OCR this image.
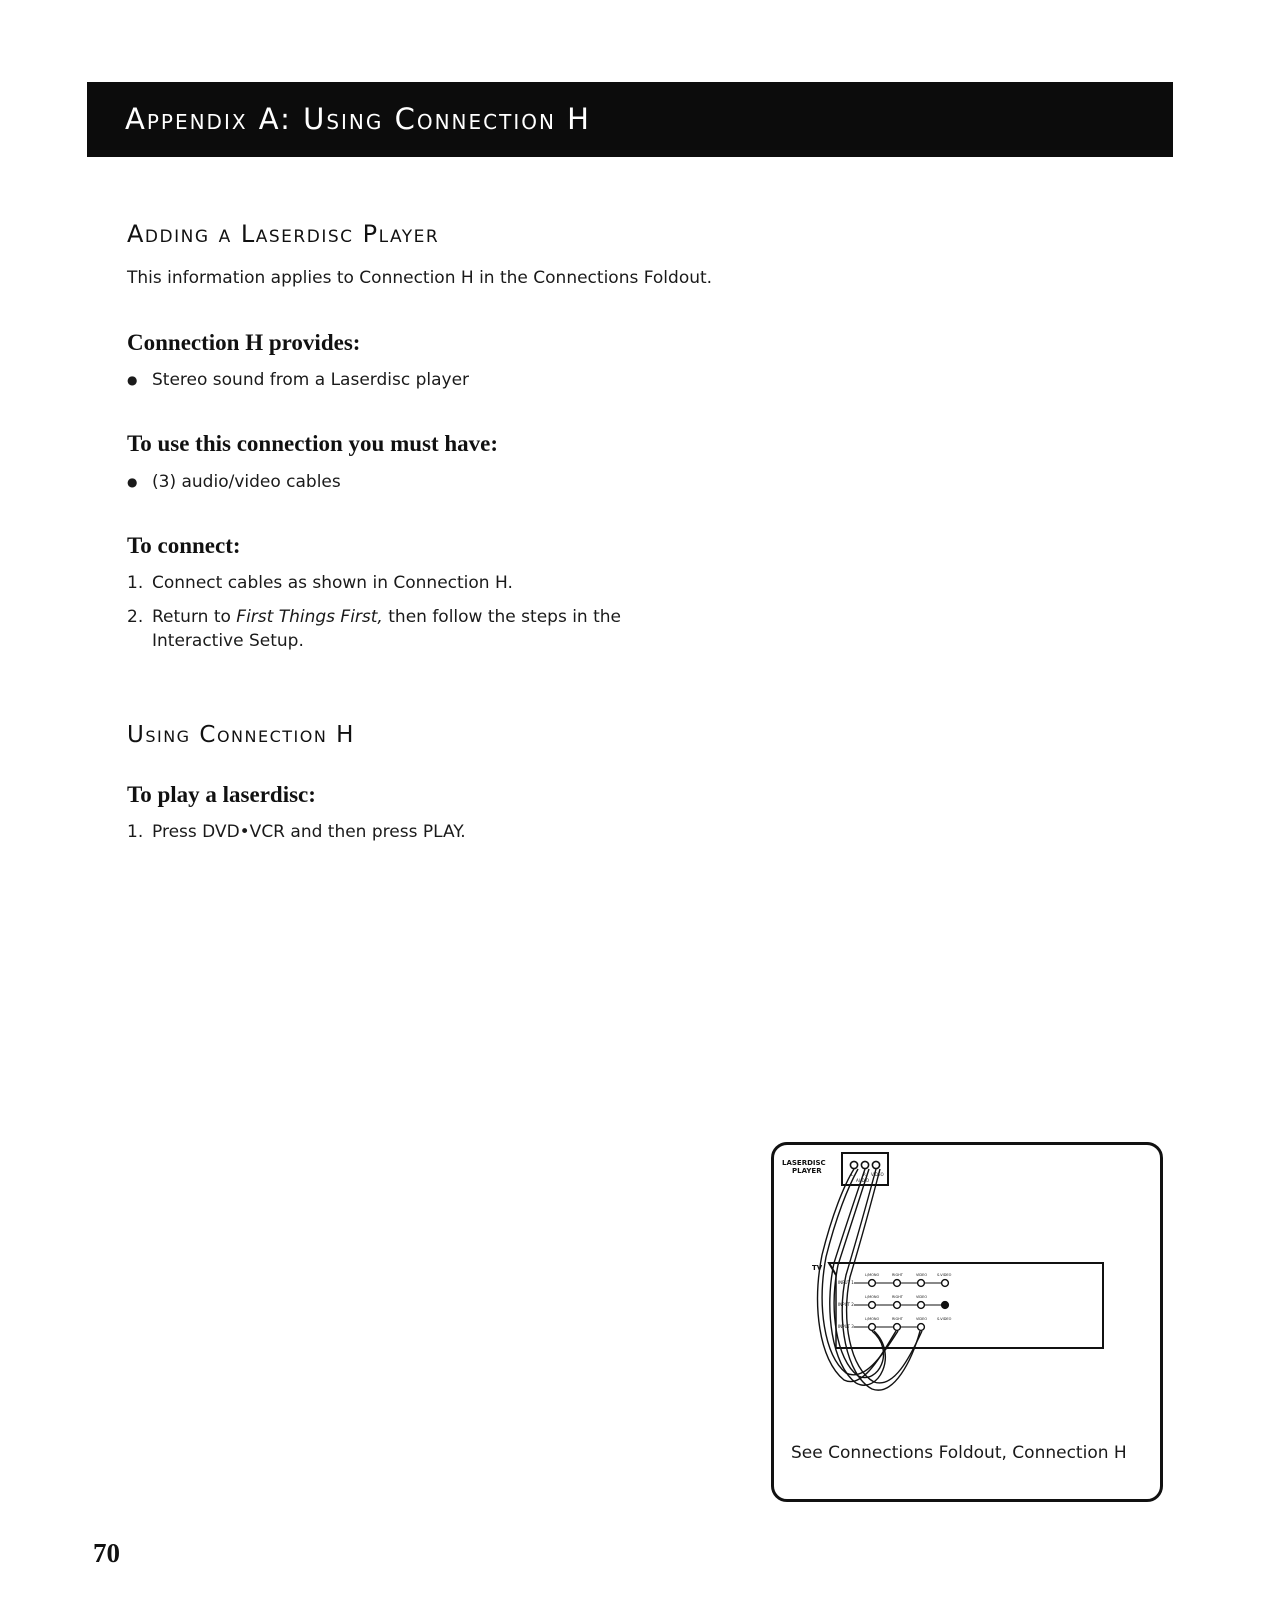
Appendix A: Using Connection H
Adding a Laserdisc Player
This information applies to Connection H in the Connections Foldout.
Connection H provides:
● Stereo sound from a Laserdisc player
To use this connection you must have:
● (3) audio/video cables
To connect:
1. Connect cables as shown in Connection H.
2. Return to First Things First, then follow the steps in the
Interactive Setup.
Using Connection H
To play a laserdisc:
1. Press DVD•VCR and then press PLAY.
LASERDISC
PLAYER	L R VIDEO
AUDIO
TV
INPUT 1
L/MONO	RIGHT	VIDEO	S-VIDEO
INPUT 2
L/MONO	RIGHT	VIDEO
INPUT 3
L/MONO	RIGHT	VIDEO	S-VIDEO
See Connections Foldout, Connection H
70
